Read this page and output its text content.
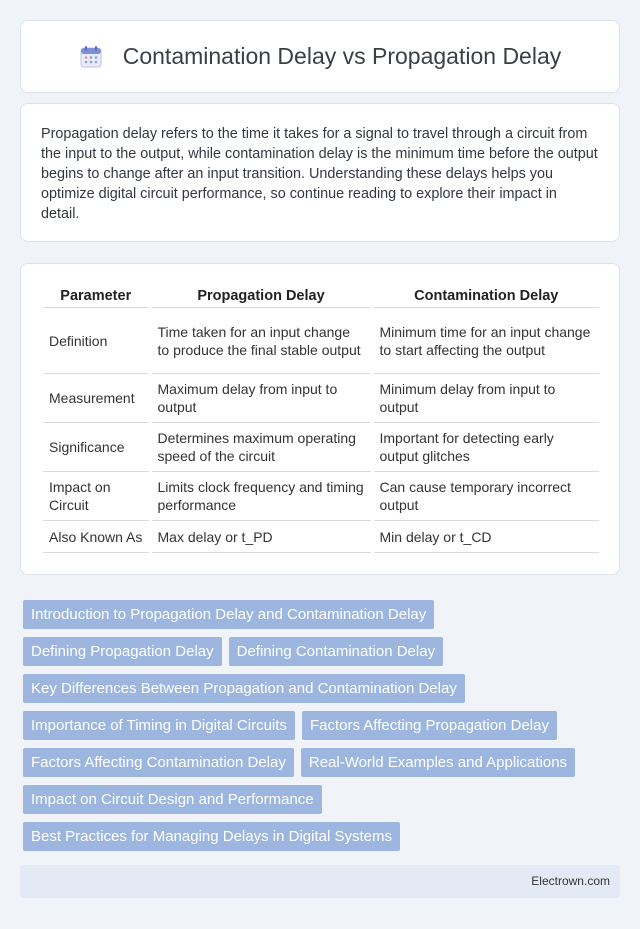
Contamination Delay vs Propagation Delay

Propagation delay refers to the time it takes for a signal to travel through a circuit from the input to the output, while contamination delay is the minimum time before the output begins to change after an input transition. Understanding these delays helps you optimize digital circuit performance, so continue reading to explore their impact in detail.

Parameter	Propagation Delay	Contamination Delay
Definition	Time taken for an input change to produce the final stable output	Minimum time for an input change to start affecting the output
Measurement	Maximum delay from input to output	Minimum delay from input to output
Significance	Determines maximum operating speed of the circuit	Important for detecting early output glitches
Impact on Circuit	Limits clock frequency and timing performance	Can cause temporary incorrect output
Also Known As	Max delay or t_PD	Min delay or t_CD
Introduction to Propagation Delay and Contamination Delay
Defining Propagation Delay	Defining Contamination Delay
Key Differences Between Propagation and Contamination Delay
Importance of Timing in Digital Circuits	Factors Affecting Propagation Delay
Factors Affecting Contamination Delay	Real-World Examples and Applications
Impact on Circuit Design and Performance
Best Practices for Managing Delays in Digital Systems
Electrown.com
